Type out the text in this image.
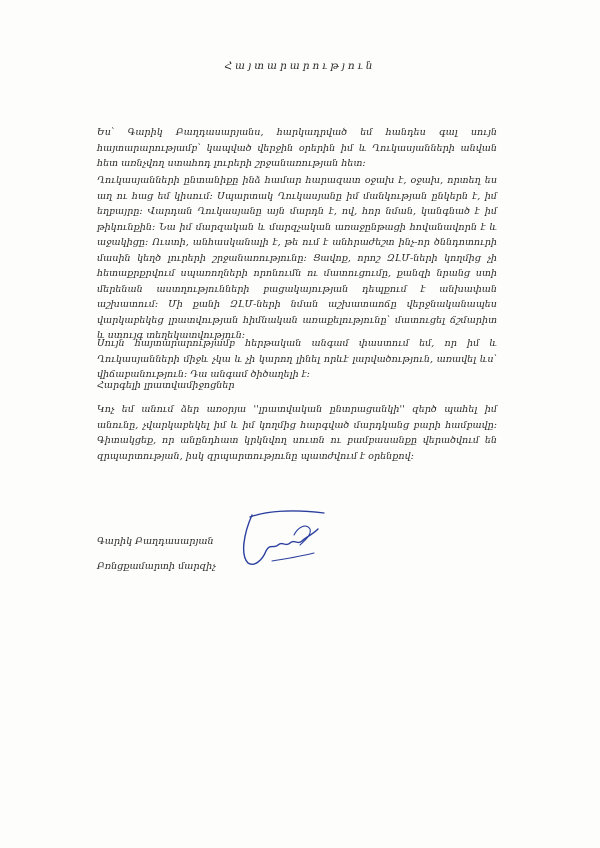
Հայտարարություն
Ես՝ Գարիկ Բաղդասարյանս, հարկադրված եմ հանդես գալ սույն հայտարարությամբ՝ կապված վերջին օրերին իմ և Ղուկասյանների անվան հետ առնչվող ստահոդ լուրերի շրջանառության հետ:
Ղուկասյանների ընտանիքը ինձ համար հարազատ օջախ է, օջախ, որտեղ ես աղ ու հաց եմ կիսում: Սպարտակ Ղուկասյանը իմ մանկության ընկերն է, իմ եղբայրը: Վարդան Ղուկասյանը այն մարդն է, ով, հոր նման, կանգնած է իմ թիկունքին: Նա իմ մարզական և մարզչական առաջընթացի հովանավորն է և աջակիցը: Ուստի, անհասկանալի է, թե ում է անհրաժեշտ ինչ-որ ծննդոտուրի մասին կեղծ լուրերի շրջանառությունը: Ցավոք, որոշ ԶԼՄ-ների կողմից չի հետաքրքրվում սպառողների որոնումն ու մատուցումը, քանզի նրանց ստի մերենան աստղությունների բացակայության դեպքում է անխափան աշխատում: Մի քանի ԶԼՄ-ների նման աշխատաոճը վերջնականապես վարկաբեկեց լրատվության հիմնական առաքելությունը՝ մատուցել ճշմարիտ և ստույգ տեղեկատվություն:
Սույն հայտարարությամբ հերթական անգամ փաստում եմ, որ իմ և Ղուկասյանների միջև չկա և չի կարող լինել որևէ լարվածություն, առավել ևս՝ վիճաբանություն: Դա անգամ ծիծաղելի է:
Հարգելի լրատվամիջոցներ
Կոչ եմ անում ձեր առօրյա ''լրատվական ընտրացանկի'' զերծ պահել իմ անունը, չվարկաբեկել իմ և իմ կողմից հարգված մարդկանց բարի համբավը: Գիտակցեք, որ անընդհատ կրկնվող սուտն ու բամբասանքը վերածվում են զրպարտության, իսկ զրպարտությունը պատժվում է օրենքով:
Գարիկ Բաղդասարյան
Բռնցքամարտի մարզիչ
